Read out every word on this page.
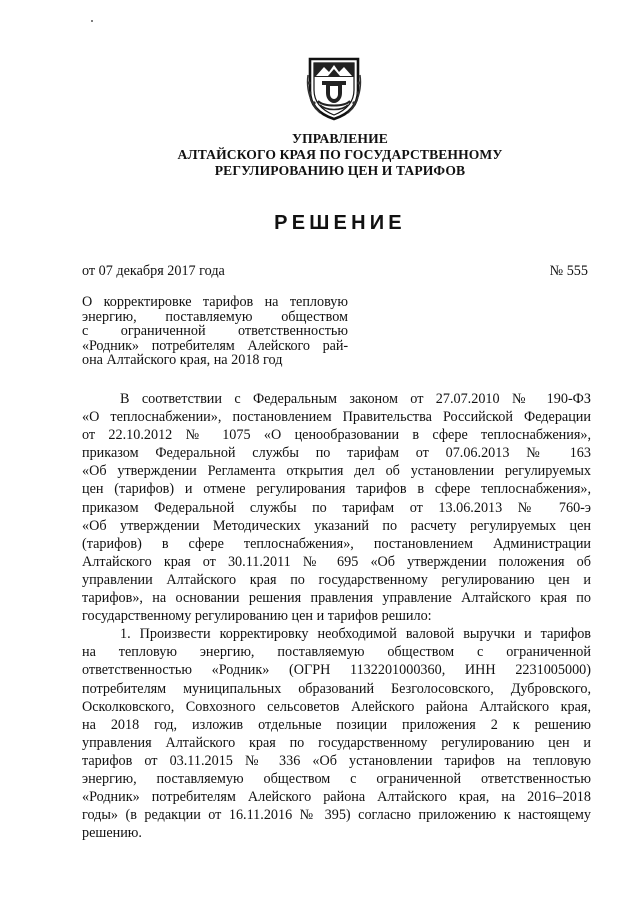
УПРАВЛЕНИЕ
АЛТАЙСКОГО КРАЯ ПО ГОСУДАРСТВЕННОМУ
РЕГУЛИРОВАНИЮ ЦЕН И ТАРИФОВ
РЕШЕНИЕ
от 07 декабря 2017 года	№ 555
О корректировке тарифов на тепловую
энергию, поставляемую обществом
с ограниченной ответственностью
«Родник» потребителям Алейского рай-
она Алтайского края, на 2018 год
В соответствии с Федеральным законом от 27.07.2010 № 190-ФЗ
«О теплоснабжении», постановлением Правительства Российской Федерации
от 22.10.2012 № 1075 «О ценообразовании в сфере теплоснабжения»,
приказом Федеральной службы по тарифам от 07.06.2013 № 163
«Об утверждении Регламента открытия дел об установлении регулируемых
цен (тарифов) и отмене регулирования тарифов в сфере теплоснабжения»,
приказом Федеральной службы по тарифам от 13.06.2013 № 760-э
«Об утверждении Методических указаний по расчету регулируемых цен
(тарифов) в сфере теплоснабжения», постановлением Администрации
Алтайского края от 30.11.2011 № 695 «Об утверждении положения об
управлении Алтайского края по государственному регулированию цен и
тарифов», на основании решения правления управление Алтайского края по
государственному регулированию цен и тарифов решило:
1. Произвести корректировку необходимой валовой выручки и тарифов
на тепловую энергию, поставляемую обществом с ограниченной
ответственностью «Родник» (ОГРН 1132201000360, ИНН 2231005000)
потребителям муниципальных образований Безголосовского, Дубровского,
Осколковского, Совхозного сельсоветов Алейского района Алтайского края,
на 2018 год, изложив отдельные позиции приложения 2 к решению
управления Алтайского края по государственному регулированию цен и
тарифов от 03.11.2015 № 336 «Об установлении тарифов на тепловую
энергию, поставляемую обществом с ограниченной ответственностью
«Родник» потребителям Алейского района Алтайского края, на 2016–2018
годы» (в редакции от 16.11.2016 № 395) согласно приложению к настоящему
решению.
